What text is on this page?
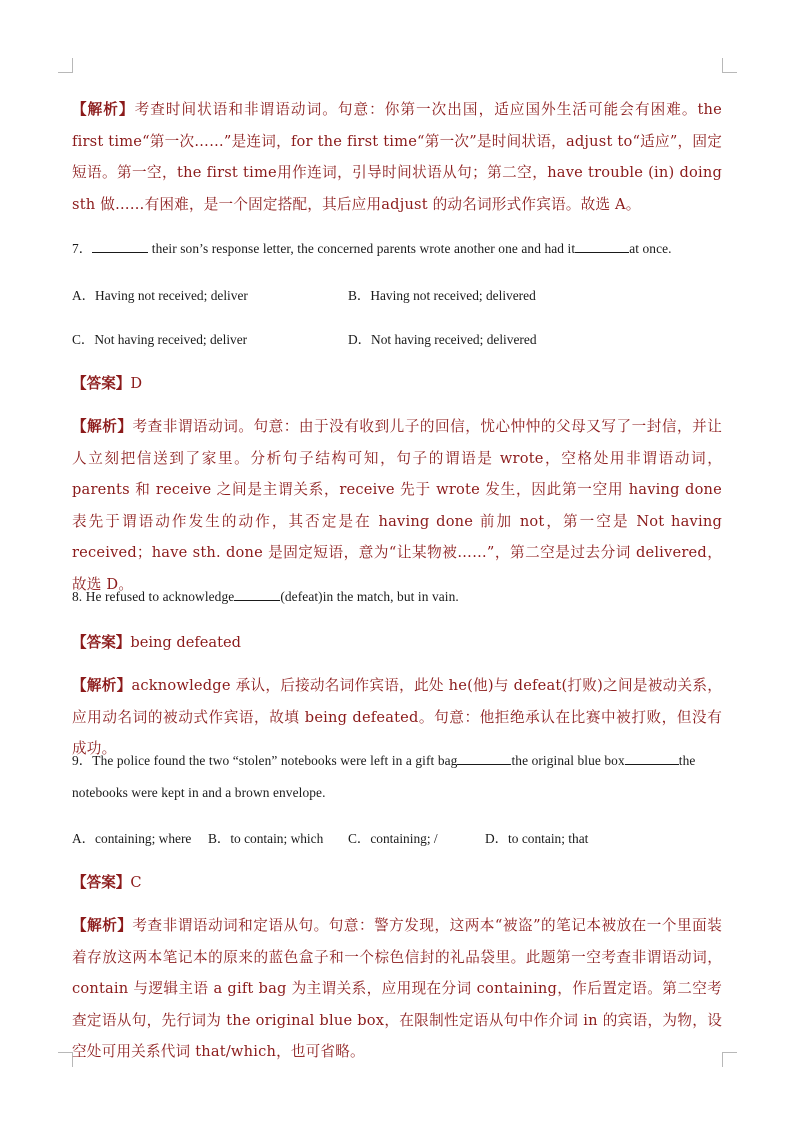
【解析】考查时间状语和非谓语动词。句意：你第一次出国，适应国外生活可能会有困难。the first time“第一次……”是连词，for the first time“第一次”是时间状语，adjust to“适应”，固定短语。第一空，the first time用作连词，引导时间状语从句；第二空，have trouble (in) doing sth 做……有困难，是一个固定搭配，其后应用adjust 的动名词形式作宾语。故选 A。

7．	their son’s response letter, the concerned parents wrote another one and had it	at once.

A．Having not received; deliver	B．Having not received; delivered
C．Not having received; deliver	D．Not having received; delivered
【答案】D

【解析】考查非谓语动词。句意：由于没有收到儿子的回信，忧心忡忡的父母又写了一封信，并让人立刻把信送到了家里。分析句子结构可知，句子的谓语是 wrote，空格处用非谓语动词，parents 和 receive 之间是主谓关系，receive 先于 wrote 发生，因此第一空用 having done 表先于谓语动作发生的动作，其否定是在 having done 前加 not，第一空是 Not having received；have sth. done 是固定短语，意为“让某物被……”，第二空是过去分词 delivered，故选 D。

8. He refused to acknowledge	(defeat)in the match, but in vain.

【答案】being defeated

【解析】acknowledge 承认，后接动名词作宾语，此处 he(他)与 defeat(打败)之间是被动关系，应用动名词的被动式作宾语，故填 being defeated。句意：他拒绝承认在比赛中被打败，但没有成功。

9．The police found the two “stolen” notebooks were left in a gift bag	the original blue box	the notebooks were kept in and a brown envelope.

A．containing; where B．to contain; which C．containing; /	D．to contain; that
【答案】C

【解析】考查非谓语动词和定语从句。句意：警方发现，这两本“被盗”的笔记本被放在一个里面装着存放这两本笔记本的原来的蓝色盒子和一个棕色信封的礼品袋里。此题第一空考查非谓语动词，contain 与逻辑主语 a gift bag 为主谓关系，应用现在分词 containing，作后置定语。第二空考查定语从句，先行词为 the original blue box，在限制性定语从句中作介词 in 的宾语，为物，设空处可用关系代词 that/which，也可省略。
